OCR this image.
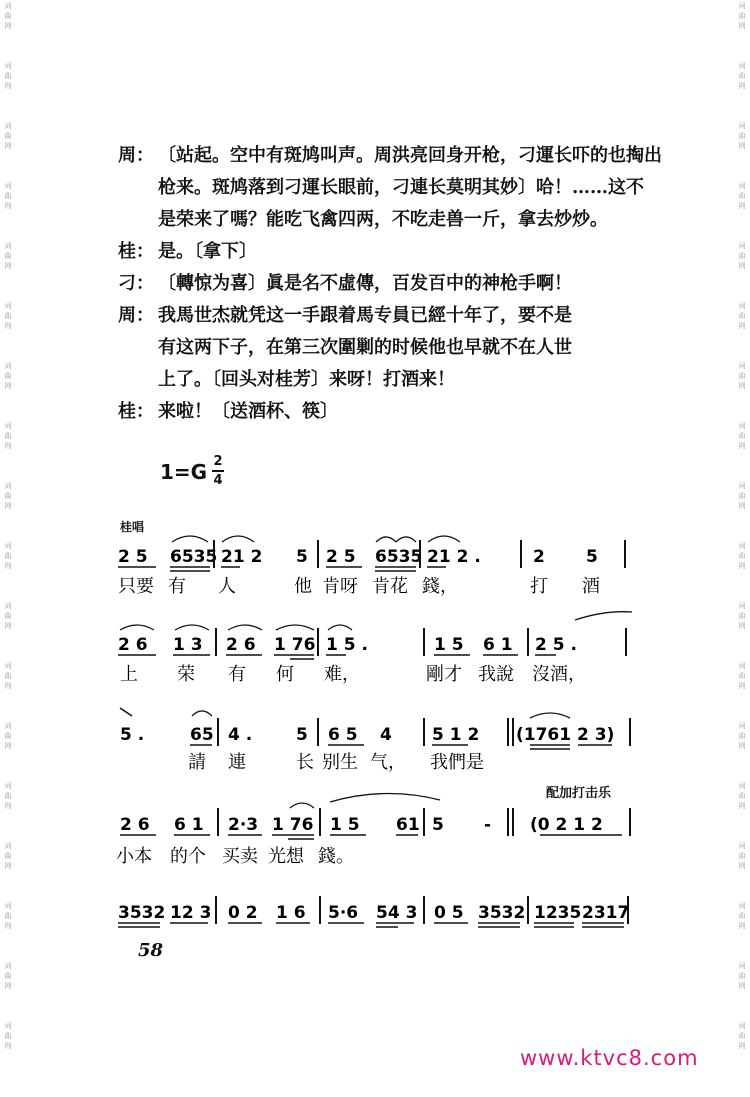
词
曲
网
词
曲
网
词
曲
网
词
曲
网
词
曲
网
词
曲
网
词
曲
网
词
曲
网
词
曲
网
词
曲
网
词
曲
网
词
曲
网
词
曲
网
词
曲
网
词
曲
网
词
曲
网
词
曲
网
词
曲
网
词
曲
网
词
曲
网
词
曲
网
词
曲
网
词
曲
网
词
曲
网
词
曲
网
词
曲
网
词
曲
网
词
曲
网
词
曲
网
词
曲
网
词
曲
网
词
曲
网
词
曲
网
词
曲
网
词
曲
网
词
曲
网
周： 〔站起。空中有斑鸠叫声。周洪亮回身开枪，刁運长吓的也掏出
枪来。斑鸠落到刁運长眼前，刁連长莫明其妙〕哈！……这不
是荣来了嗎？能吃飞禽四两，不吃走兽一斤，拿去炒炒。
桂： 是。〔拿下〕
刁： 〔轉惊为喜〕眞是名不虛傳，百发百中的神枪手啊！
周： 我馬世杰就凭这一手跟着馬专員已經十年了，要不是
有这两下子，在第三次圍剿的时候他也早就不在人世
上了。〔回头对桂芳〕来呀！打酒来！
桂： 来啦！〔送酒杯、筷〕
1=G 2
4
桂唱
配加打击乐
2 5 6535 21 2 5 2 5 6535 21 2 .	2 5
只要 有 人	他 肯呀 肯花 錢，	打 酒
2 6 1 3 2 6 1 76 1 5 .	1 5 6 1 2 5 .
上 荣 有 何 难，	剛才 我說 沒酒，
5 .	65 4 .	5 6 5 4 5 1 2 (1761 2 3)
請 連	长 别生 气， 我們是
2 6 6 1 2·3 1 76 1 5 61 5 - (0 2 1 2
小本 的个 买卖 光想 錢。
3532 12 3 0 2 1 6 5·6 54 3 0 5 3532 1235 2317
58
www.ktvc8.com
